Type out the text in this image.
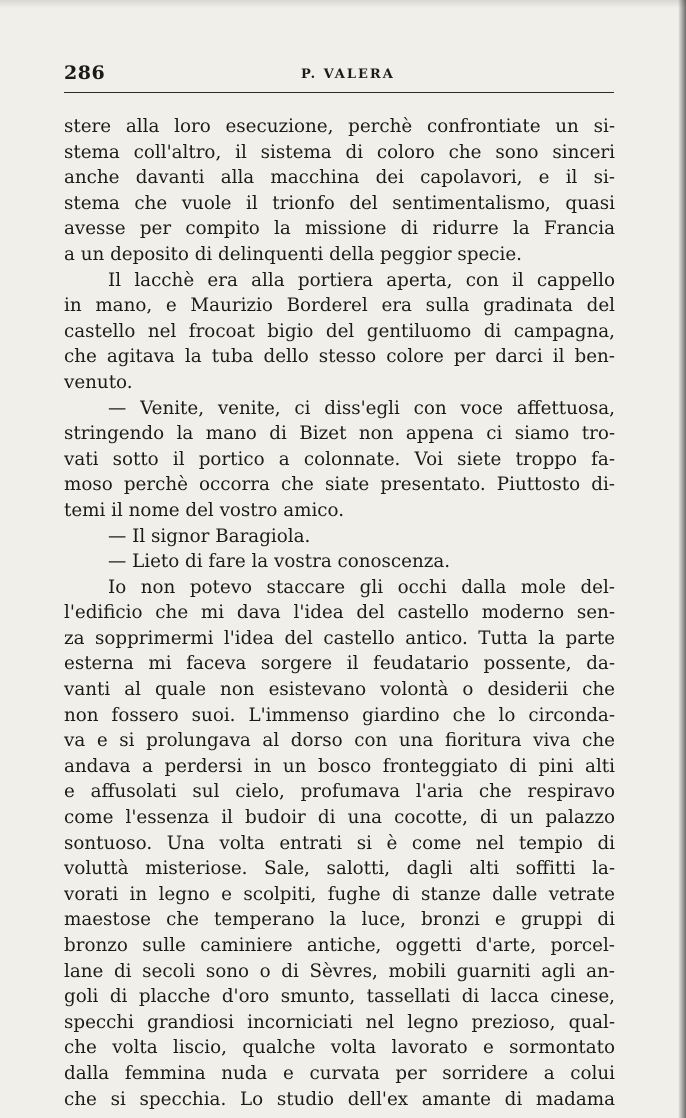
286	P. VALERA
stere alla loro esecuzione, perchè confrontiate un si-
stema coll'altro, il sistema di coloro che sono sinceri
anche davanti alla macchina dei capolavori, e il si-
stema che vuole il trionfo del sentimentalismo, quasi
avesse per compito la missione di ridurre la Francia
a un deposito di delinquenti della peggior specie.
Il lacchè era alla portiera aperta, con il cappello
in mano, e Maurizio Borderel era sulla gradinata del
castello nel frocoat bigio del gentiluomo di campagna,
che agitava la tuba dello stesso colore per darci il ben-
venuto.
— Venite, venite, ci diss'egli con voce affettuosa,
stringendo la mano di Bizet non appena ci siamo tro-
vati sotto il portico a colonnate. Voi siete troppo fa-
moso perchè occorra che siate presentato. Piuttosto di-
temi il nome del vostro amico.
— Il signor Baragiola.
— Lieto di fare la vostra conoscenza.
Io non potevo staccare gli occhi dalla mole del-
l'edificio che mi dava l'idea del castello moderno sen-
za sopprimermi l'idea del castello antico. Tutta la parte
esterna mi faceva sorgere il feudatario possente, da-
vanti al quale non esistevano volontà o desiderii che
non fossero suoi. L'immenso giardino che lo circonda-
va e si prolungava al dorso con una fioritura viva che
andava a perdersi in un bosco fronteggiato di pini alti
e affusolati sul cielo, profumava l'aria che respiravo
come l'essenza il budoir di una cocotte, di un palazzo
sontuoso. Una volta entrati si è come nel tempio di
voluttà misteriose. Sale, salotti, dagli alti soffitti la-
vorati in legno e scolpiti, fughe di stanze dalle vetrate
maestose che temperano la luce, bronzi e gruppi di
bronzo sulle caminiere antiche, oggetti d'arte, porcel-
lane di secoli sono o di Sèvres, mobili guarniti agli an-
goli di placche d'oro smunto, tassellati di lacca cinese,
specchi grandiosi incorniciati nel legno prezioso, qual-
che volta liscio, qualche volta lavorato e sormontato
dalla femmina nuda e curvata per sorridere a colui
che si specchia. Lo studio dell'ex amante di madama
